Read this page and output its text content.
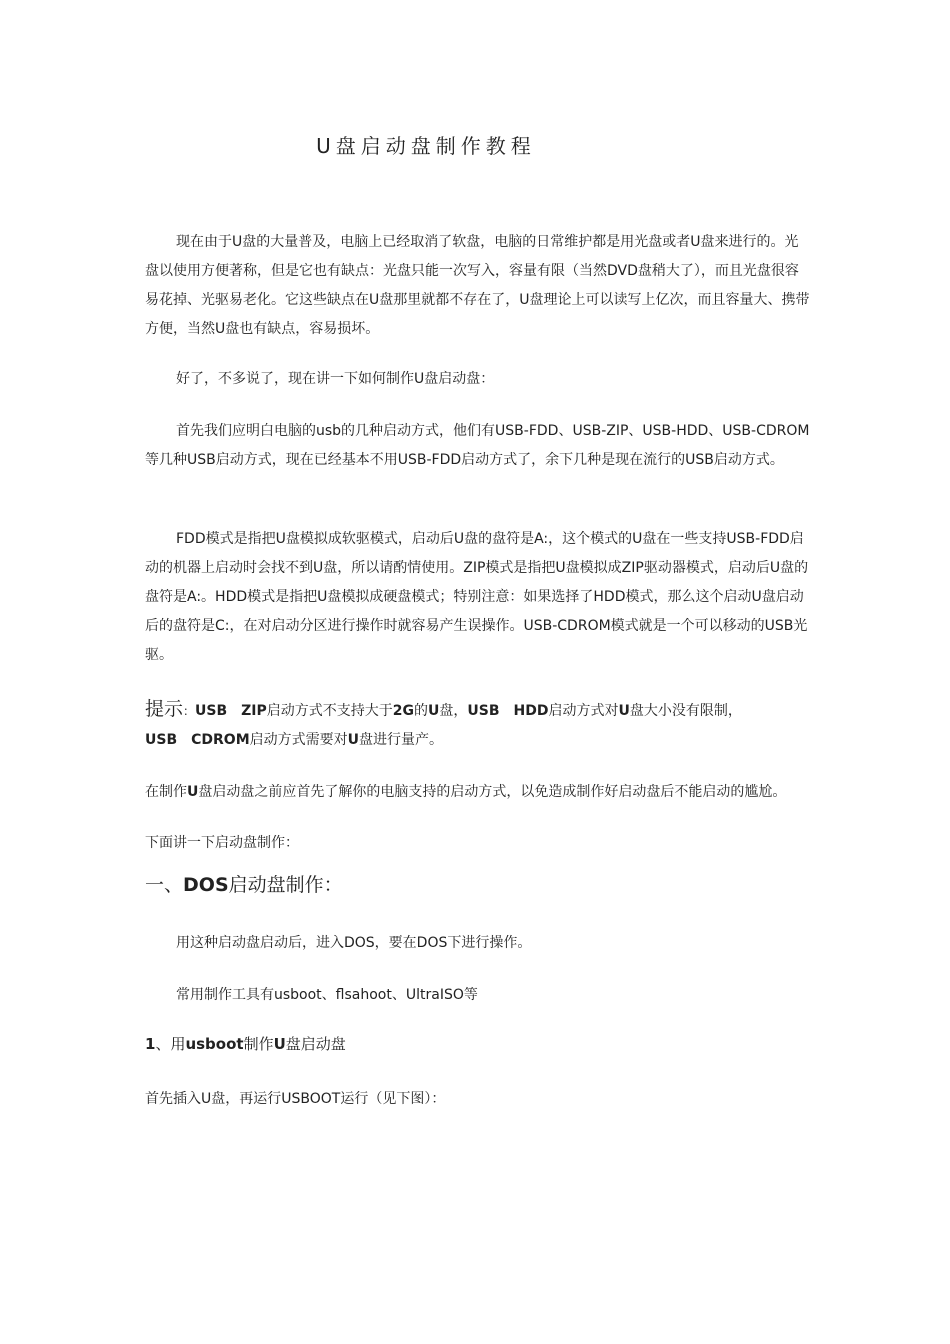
U盘启动盘制作教程

现在由于U盘的大量普及，电脑上已经取消了软盘，电脑的日常维护都是用光盘或者U盘来进行的。光盘以使用方便著称，但是它也有缺点：光盘只能一次写入，容量有限（当然DVD盘稍大了），而且光盘很容易花掉、光驱易老化。它这些缺点在U盘那里就都不存在了，U盘理论上可以读写上亿次，而且容量大、携带方便，当然U盘也有缺点，容易损坏。

好了，不多说了，现在讲一下如何制作U盘启动盘：

首先我们应明白电脑的usb的几种启动方式，他们有USB-FDD、USB-ZIP、USB-HDD、USB-CDROM等几种USB启动方式，现在已经基本不用USB-FDD启动方式了，余下几种是现在流行的USB启动方式。

FDD模式是指把U盘模拟成软驱模式，启动后U盘的盘符是A:，这个模式的U盘在一些支持USB-FDD启动的机器上启动时会找不到U盘，所以请酌情使用。ZIP模式是指把U盘模拟成ZIP驱动器模式，启动后U盘的盘符是A:。HDD模式是指把U盘模拟成硬盘模式；特别注意：如果选择了HDD模式，那么这个启动U盘启动后的盘符是C:，在对启动分区进行操作时就容易产生误操作。USB-CDROM模式就是一个可以移动的USB光驱。

提示：USB　ZIP启动方式不支持大于2G的U盘，USB　HDD启动方式对U盘大小没有限制，
USB　CDROM启动方式需要对U盘进行量产。

在制作U盘启动盘之前应首先了解你的电脑支持的启动方式，以免造成制作好启动盘后不能启动的尴尬。

下面讲一下启动盘制作：

一、DOS启动盘制作：

用这种启动盘启动后，进入DOS，要在DOS下进行操作。

常用制作工具有usboot、flsahoot、UltraISO等

1、用usboot制作U盘启动盘

首先插入U盘，再运行USBOOT运行（见下图）：
